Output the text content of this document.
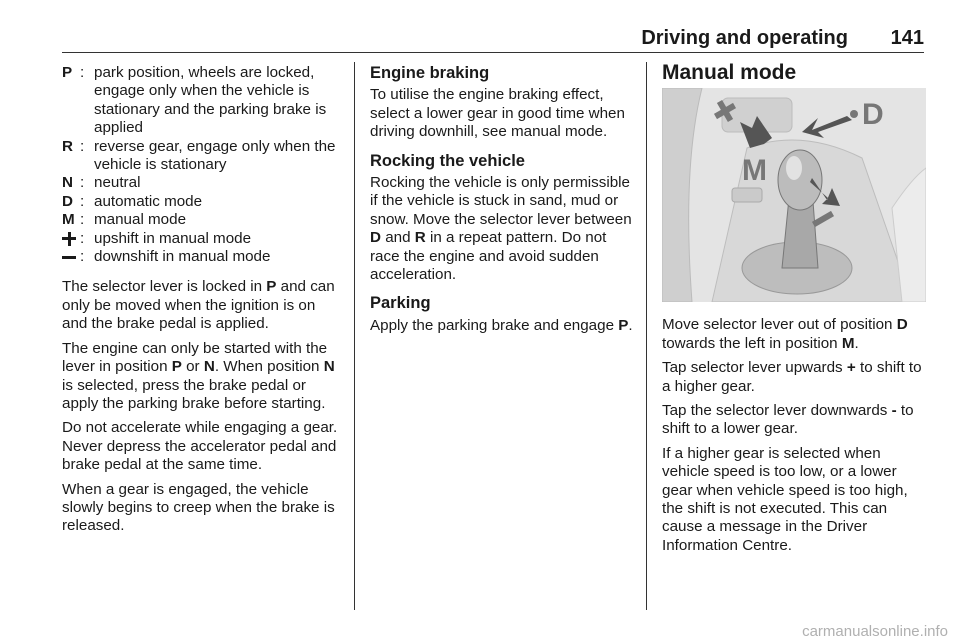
Driving and operating 141
P : park position, wheels are locked, engage only when the vehicle is stationary and the parking brake is applied
R : reverse gear, engage only when the vehicle is stationary
N : neutral
D : automatic mode
M : manual mode
: upshift in manual mode
: downshift in manual mode

The selector lever is locked in P and can only be moved when the ignition is on and the brake pedal is applied.

The engine can only be started with the lever in position P or N. When position N is selected, press the brake pedal or apply the parking brake before starting.

Do not accelerate while engaging a gear. Never depress the accelerator pedal and brake pedal at the same time.

When a gear is engaged, the vehicle slowly begins to creep when the brake is released.

Engine braking

To utilise the engine braking effect, select a lower gear in good time when driving downhill, see manual mode.

Rocking the vehicle

Rocking the vehicle is only permissible if the vehicle is stuck in sand, mud or snow. Move the selector lever between D and R in a repeat pattern. Do not race the engine and avoid sudden acceleration.

Parking

Apply the parking brake and engage P.

Manual mode
D
M

Move selector lever out of position D towards the left in position M.

Tap selector lever upwards + to shift to a higher gear.

Tap the selector lever downwards - to shift to a lower gear.

If a higher gear is selected when vehicle speed is too low, or a lower gear when vehicle speed is too high, the shift is not executed. This can cause a message in the Driver Information Centre.

carmanualsonline.info
